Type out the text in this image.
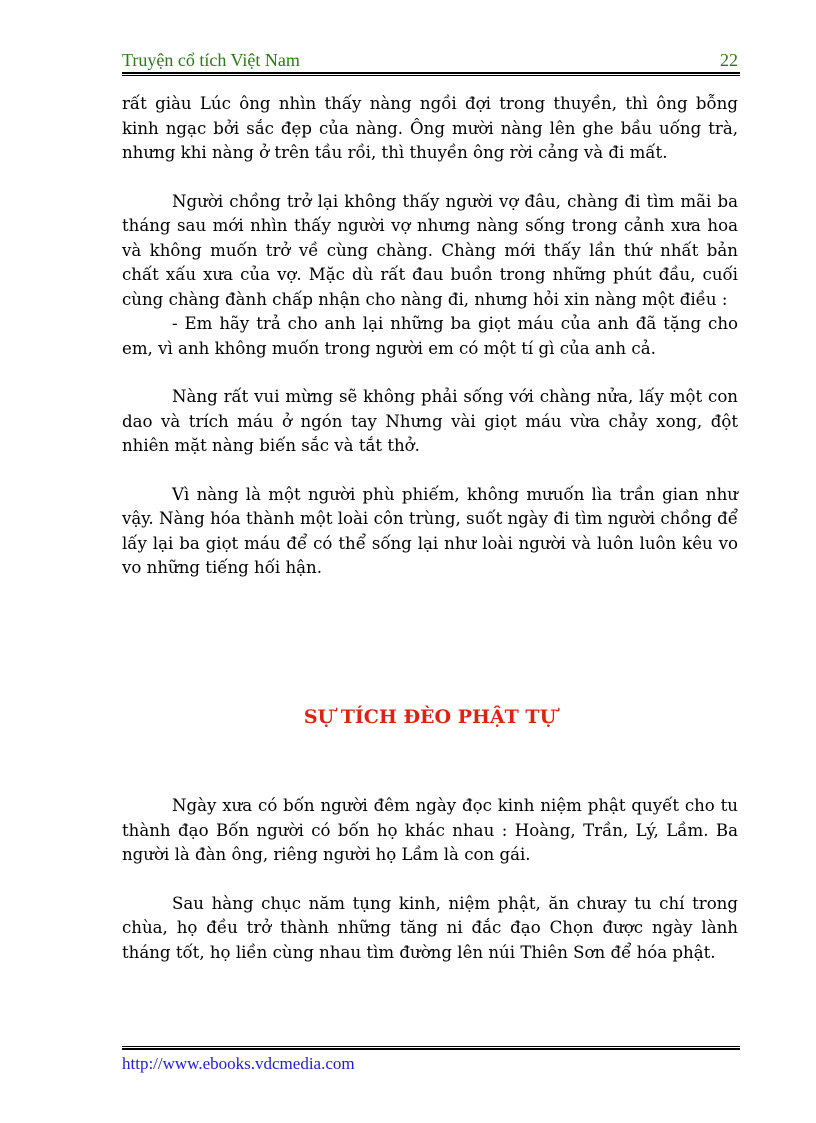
Truyện cổ tích Việt Nam	22

rất giàu Lúc ông nhìn thấy nàng ngồi đợi trong thuyền, thì ông bỗng kinh ngạc bởi sắc đẹp của nàng. Ông mười nàng lên ghe bầu uống trà, nhưng khi nàng ở trên tầu rồi, thì thuyền ông rời cảng và đi mất.

Người chồng trở lại không thấy người vợ đâu, chàng đi tìm mãi ba tháng sau mới nhìn thấy người vợ nhưng nàng sống trong cảnh xưa hoa và không muốn trở về cùng chàng. Chàng mới thấy lần thứ nhất bản chất xấu xưa của vợ. Mặc dù rất đau buồn trong những phút đầu, cuối cùng chàng đành chấp nhận cho nàng đi, nhưng hỏi xin nàng một điều :

- Em hãy trả cho anh lại những ba giọt máu của anh đã tặng cho em, vì anh không muốn trong người em có một tí gì của anh cả.

Nàng rất vui mừng sẽ không phải sống với chàng nửa, lấy một con dao và trích máu ở ngón tay Nhưng vài giọt máu vừa chảy xong, đột nhiên mặt nàng biến sắc và tắt thở.

Vì nàng là một người phù phiếm, không mưuốn lìa trần gian như vậy. Nàng hóa thành một loài côn trùng, suốt ngày đi tìm người chồng để lấy lại ba giọt máu để có thể sống lại như loài người và luôn luôn kêu vo vo những tiếng hối hận.

SỰ TÍCH ĐÈO PHẬT TỰ

Ngày xưa có bốn người đêm ngày đọc kinh niệm phật quyết cho tu thành đạo Bốn người có bốn họ khác nhau : Hoàng, Trần, Lý, Lầm. Ba người là đàn ông, riêng người họ Lầm là con gái.

Sau hàng chục năm tụng kinh, niệm phật, ăn chưay tu chí trong chùa, họ đều trở thành những tăng ni đắc đạo Chọn được ngày lành tháng tốt, họ liền cùng nhau tìm đường lên núi Thiên Sơn để hóa phật.

http://www.ebooks.vdcmedia.com
